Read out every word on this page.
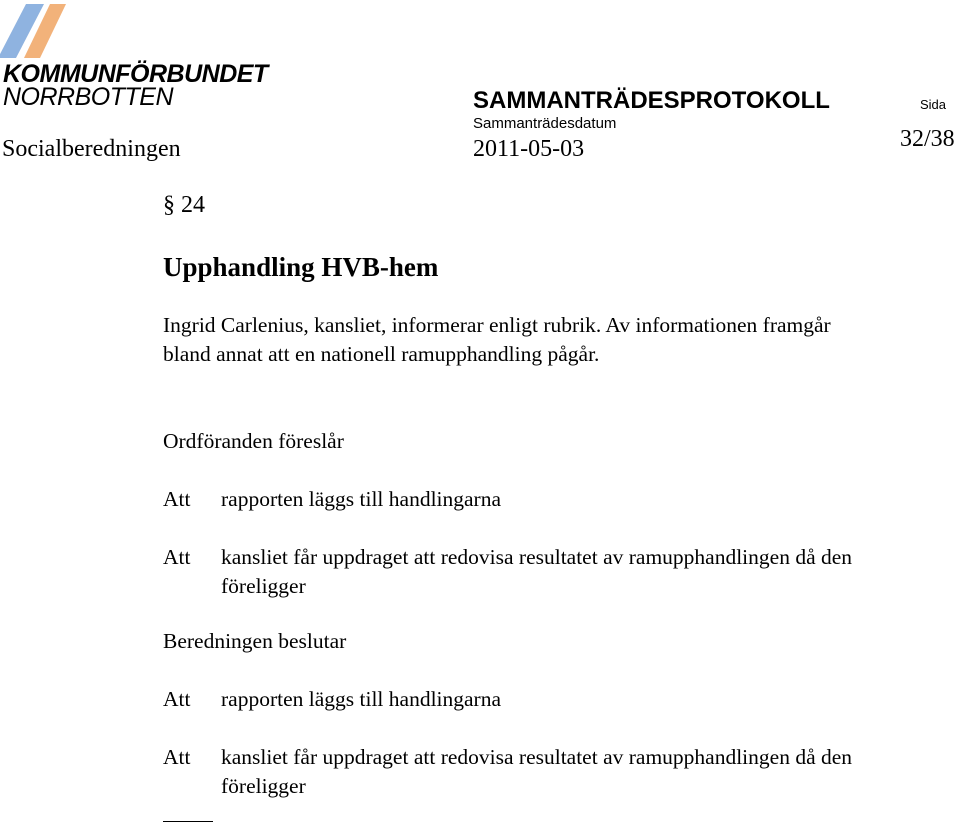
KOMMUNFÖRBUNDET
NORRBOTTEN	SAMMANTRÄDESPROTOKOLL	Sida
Sammanträdesdatum
Socialberedningen	2011-05-03	32/38
§ 24
Upphandling HVB-hem
Ingrid Carlenius, kansliet, informerar enligt rubrik. Av informationen framgår
bland annat att en nationell ramupphandling pågår.
Ordföranden föreslår
Att rapporten läggs till handlingarna
Att kansliet får uppdraget att redovisa resultatet av ramupphandlingen då den
föreligger
Beredningen beslutar
Att rapporten läggs till handlingarna
Att kansliet får uppdraget att redovisa resultatet av ramupphandlingen då den
föreligger
